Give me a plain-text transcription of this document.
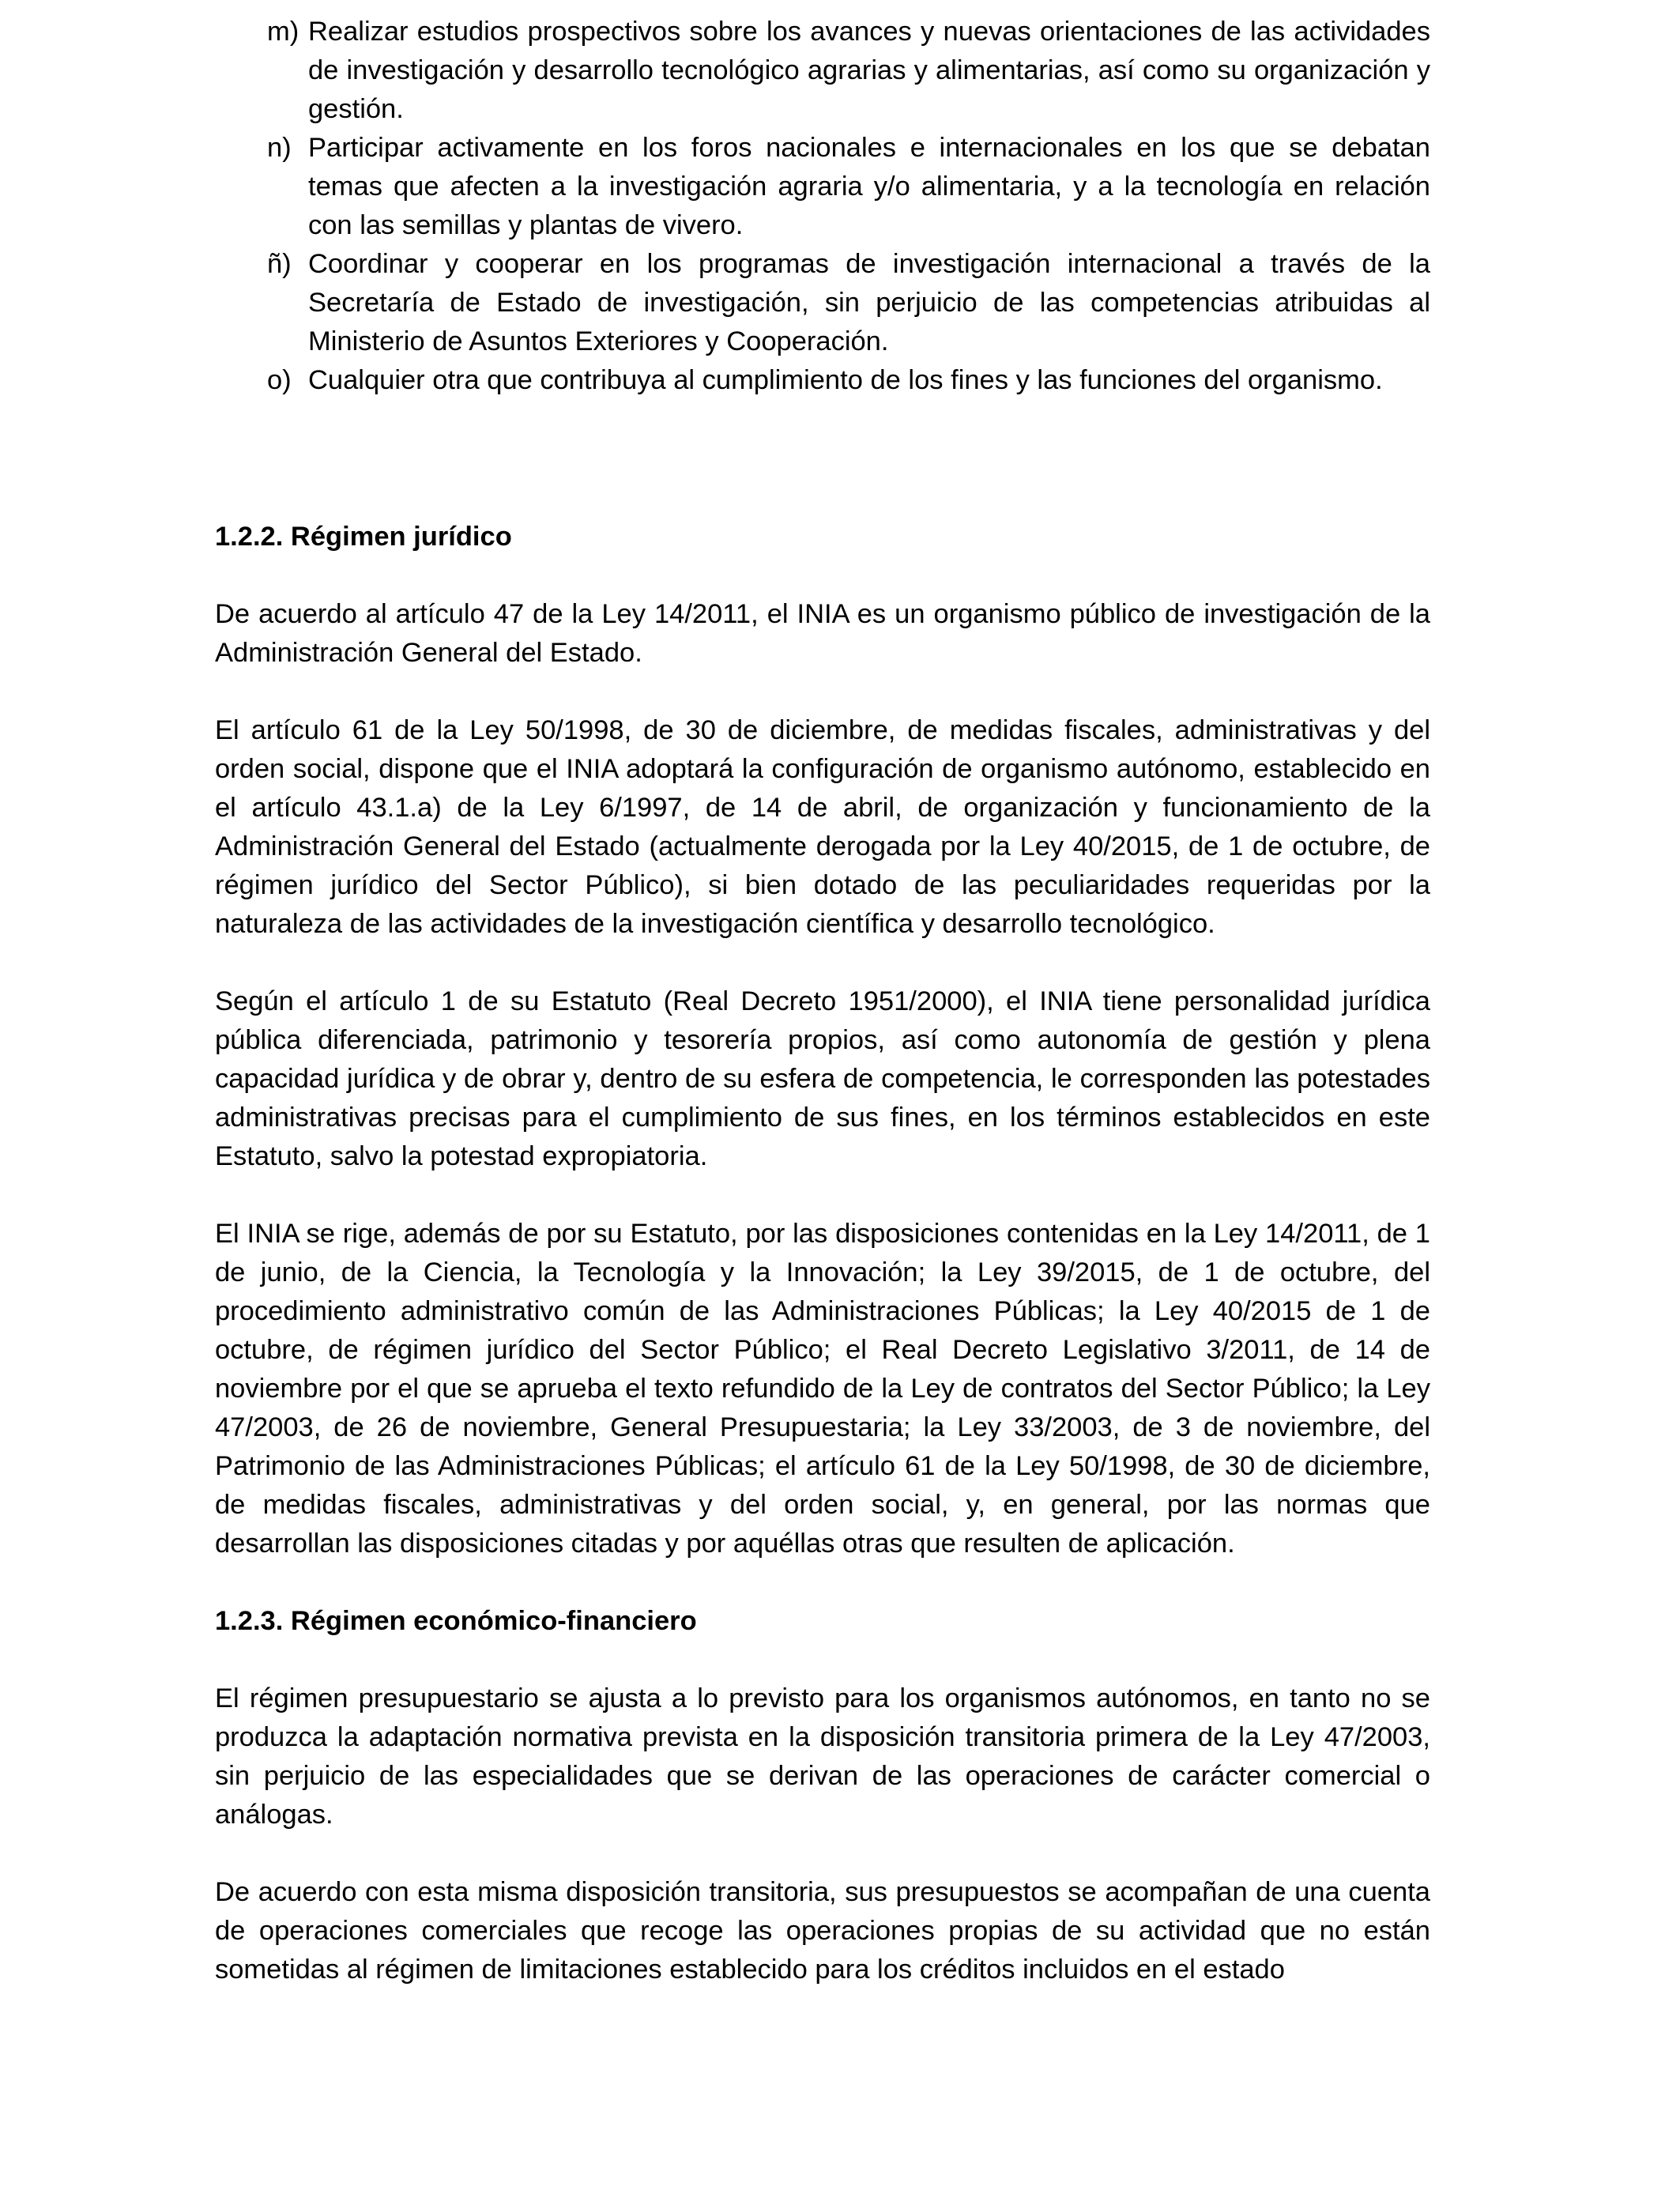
m) Realizar estudios prospectivos sobre los avances y nuevas orientaciones de las actividades de investigación y desarrollo tecnológico agrarias y alimentarias, así como su organización y gestión.
n) Participar activamente en los foros nacionales e internacionales en los que se debatan temas que afecten a la investigación agraria y/o alimentaria, y a la tecnología en relación con las semillas y plantas de vivero.
ñ) Coordinar y cooperar en los programas de investigación internacional a través de la Secretaría de Estado de investigación, sin perjuicio de las competencias atribuidas al Ministerio de Asuntos Exteriores y Cooperación.
o) Cualquier otra que contribuya al cumplimiento de los fines y las funciones del organismo.

1.2.2. Régimen jurídico

De acuerdo al artículo 47 de la Ley 14/2011, el INIA es un organismo público de investigación de la Administración General del Estado.

El artículo 61 de la Ley 50/1998, de 30 de diciembre, de medidas fiscales, administrativas y del orden social, dispone que el INIA adoptará la configuración de organismo autónomo, establecido en el artículo 43.1.a) de la Ley 6/1997, de 14 de abril, de organización y funcionamiento de la Administración General del Estado (actualmente derogada por la Ley 40/2015, de 1 de octubre, de régimen jurídico del Sector Público), si bien dotado de las peculiaridades requeridas por la naturaleza de las actividades de la investigación científica y desarrollo tecnológico.

Según el artículo 1 de su Estatuto (Real Decreto 1951/2000), el INIA tiene personalidad jurídica pública diferenciada, patrimonio y tesorería propios, así como autonomía de gestión y plena capacidad jurídica y de obrar y, dentro de su esfera de competencia, le corresponden las potestades administrativas precisas para el cumplimiento de sus fines, en los términos establecidos en este Estatuto, salvo la potestad expropiatoria.

El INIA se rige, además de por su Estatuto, por las disposiciones contenidas en la Ley 14/2011, de 1 de junio, de la Ciencia, la Tecnología y la Innovación; la Ley 39/2015, de 1 de octubre, del procedimiento administrativo común de las Administraciones Públicas; la Ley 40/2015 de 1 de octubre, de régimen jurídico del Sector Público; el Real Decreto Legislativo 3/2011, de 14 de noviembre por el que se aprueba el texto refundido de la Ley de contratos del Sector Público; la Ley 47/2003, de 26 de noviembre, General Presupuestaria; la Ley 33/2003, de 3 de noviembre, del Patrimonio de las Administraciones Públicas; el artículo 61 de la Ley 50/1998, de 30 de diciembre, de medidas fiscales, administrativas y del orden social, y, en general, por las normas que desarrollan las disposiciones citadas y por aquéllas otras que resulten de aplicación.

1.2.3. Régimen económico-financiero

El régimen presupuestario se ajusta a lo previsto para los organismos autónomos, en tanto no se produzca la adaptación normativa prevista en la disposición transitoria primera de la Ley 47/2003, sin perjuicio de las especialidades que se derivan de las operaciones de carácter comercial o análogas.

De acuerdo con esta misma disposición transitoria, sus presupuestos se acompañan de una cuenta de operaciones comerciales que recoge las operaciones propias de su actividad que no están sometidas al régimen de limitaciones establecido para los créditos incluidos en el estado
